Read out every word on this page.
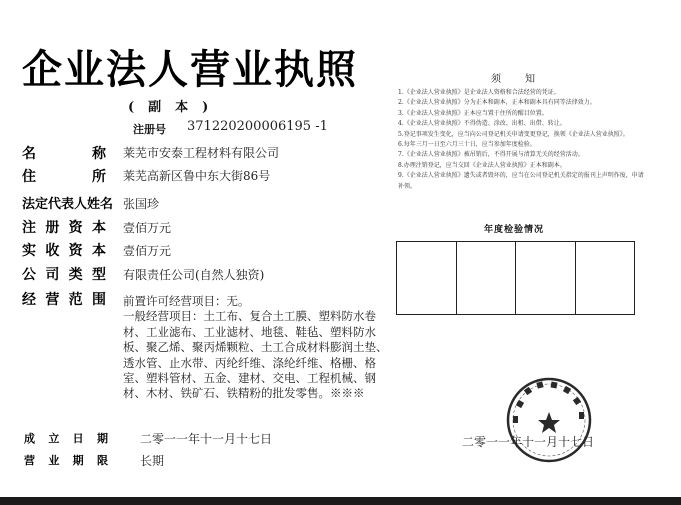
企业法人营业执照
(副本)
注册号 371220200006195 -1
名称 莱芜市安泰工程材料有限公司
住所 莱芜高新区鲁中东大街86号
法定代表人姓名 张国珍
注册资本 壹佰万元
实收资本 壹佰万元
公司类型 有限责任公司(自然人独资)
经营范围 前置许可经营项目：无。
一般经营项目：土工布、复合土工膜、塑料防水卷材、工业滤布、工业滤材、地毯、鞋毡、塑料防水板、聚乙烯、聚丙烯颗粒、土工合成材料膨润土垫、透水管、止水带、丙纶纤维、涤纶纤维、格栅、格室、塑料管材、五金、建材、交电、工程机械、钢材、木材、铁矿石、铁精粉的批发零售。※※※
成立日期	二零一一年十一月十七日
营业期限	长期
须知
1.《企业法人营业执照》是企业法人资格和合法经营的凭证。
2.《企业法人营业执照》分为正本和副本，正本和副本具有同等法律效力。
3.《企业法人营业执照》正本应当置于住所的醒目位置。
4.《企业法人营业执照》不得伪造、涂改、出租、出借、转让。
5.登记事项发生变化，应当向公司登记机关申请变更登记，换领《企业法人营业执照》。
6.每年三月一日至六月三十日，应当参加年度检验。
7.《企业法人营业执照》被吊销后，不得开展与清算无关的经营活动。
8.办理注销登记，应当交回《企业法人营业执照》正本和副本。
9.《企业法人营业执照》遗失或者毁坏的，应当在公司登记机关指定的报刊上声明作废，申请补领。
年度检验情况
二零一一年十一月十七日
